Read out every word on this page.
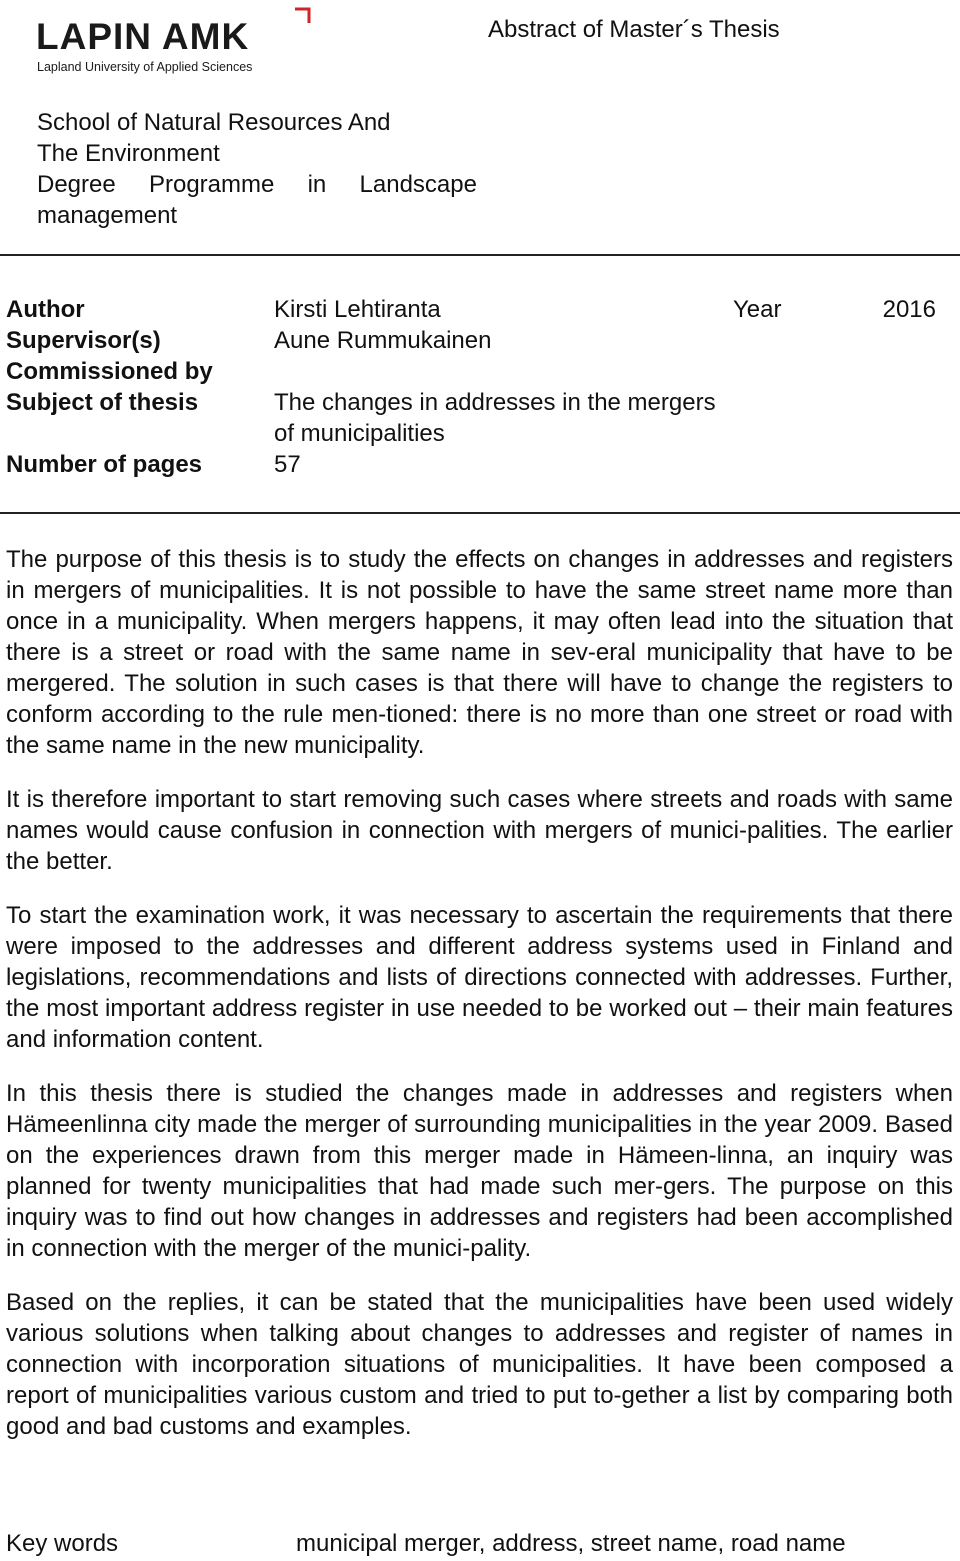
LAPIN AMK
Lapland University of Applied Sciences
Abstract of Master´s Thesis
School of Natural Resources And
The Environment
Degree Programme in Landscape
management
Author	Kirsti Lehtiranta	Year	2016
Supervisor(s)	Aune Rummukainen
Commissioned by
Subject of thesis	The changes in addresses in the mergers
of municipalities
Number of pages	57

The purpose of this thesis is to study the effects on changes in addresses and registers in mergers of municipalities. It is not possible to have the same street name more than once in a municipality. When mergers happens, it may often lead into the situation that there is a street or road with the same name in sev-eral municipality that have to be mergered. The solution in such cases is that there will have to change the registers to conform according to the rule men-tioned: there is no more than one street or road with the same name in the new municipality.

It is therefore important to start removing such cases where streets and roads with same names would cause confusion in connection with mergers of munici-palities. The earlier the better.

To start the examination work, it was necessary to ascertain the requirements that there were imposed to the addresses and different address systems used in Finland and legislations, recommendations and lists of directions connected with addresses. Further, the most important address register in use needed to be worked out – their main features and information content.

In this thesis there is studied the changes made in addresses and registers when Hämeenlinna city made the merger of surrounding municipalities in the year 2009. Based on the experiences drawn from this merger made in Hämeen-linna, an inquiry was planned for twenty municipalities that had made such mer-gers. The purpose on this inquiry was to find out how changes in addresses and registers had been accomplished in connection with the merger of the munici-pality.

Based on the replies, it can be stated that the municipalities have been used widely various solutions when talking about changes to addresses and register of names in connection with incorporation situations of municipalities. It have been composed a report of municipalities various custom and tried to put to-gether a list by comparing both good and bad customs and examples.

Key words	municipal merger, address, street name, road name
